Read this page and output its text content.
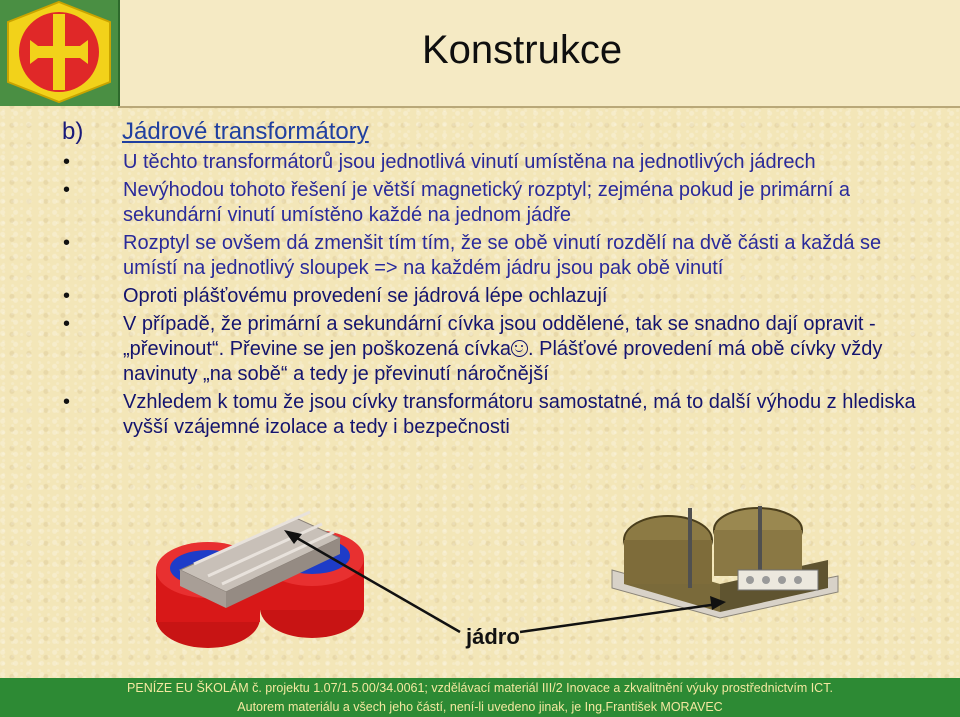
Konstrukce
b) Jádrové transformátory
•	U těchto transformátorů jsou jednotlivá vinutí umístěna na jednotlivých jádrech
•	Nevýhodou tohoto řešení je větší magnetický rozptyl; zejména pokud je primární a sekundární vinutí umístěno každé na jednom jádře
•	Rozptyl se ovšem dá zmenšit tím tím, že se obě vinutí rozdělí na dvě části a každá se umístí na jednotlivý sloupek => na každém jádru jsou pak obě vinutí
•	Oproti plášťovému provedení se jádrová lépe ochlazují
•	V případě, že primární a sekundární cívka jsou oddělené, tak se snadno dají opravit - „převinout“. Převine se jen poškozená cívka . Plášťové provedení má obě cívky vždy navinuty „na sobě“ a tedy je převinutí náročnější
•	Vzhledem k tomu že jsou cívky transformátoru samostatné, má to další výhodu z hlediska vyšší vzájemné izolace a tedy i bezpečnosti
jádro
PENÍZE EU ŠKOLÁM č. projektu 1.07/1.5.00/34.0061; vzdělávací materiál III/2 Inovace a zkvalitnění výuky prostřednictvím ICT.
Autorem materiálu a všech jeho částí, není-li uvedeno jinak, je Ing.František MORAVEC
